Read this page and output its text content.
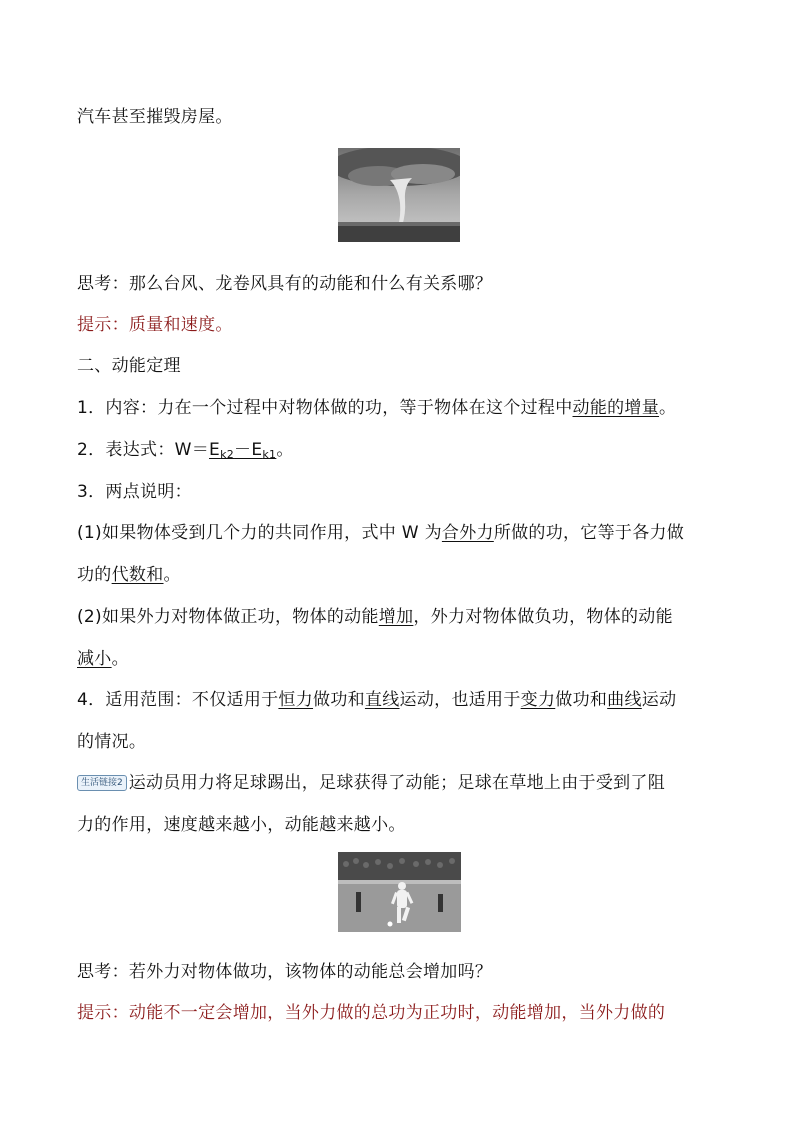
汽车甚至摧毁房屋。
思考：那么台风、龙卷风具有的动能和什么有关系哪？
提示：质量和速度。
二、动能定理
1．内容：力在一个过程中对物体做的功，等于物体在这个过程中动能的增量。
2．表达式：$W=E_{k2}-E_{k1}$。
3．两点说明：
(1)如果物体受到几个力的共同作用，式中 W 为合外力所做的功，它等于各力做
功的代数和。
(2)如果外力对物体做正功，物体的动能增加，外力对物体做负功，物体的动能
减小。
4．适用范围：不仅适用于恒力做功和直线运动，也适用于变力做功和曲线运动
的情况。
生活链接2 运动员用力将足球踢出，足球获得了动能；足球在草地上由于受到了阻
力的作用，速度越来越小，动能越来越小。
思考：若外力对物体做功，该物体的动能总会增加吗？
提示：动能不一定会增加，当外力做的总功为正功时，动能增加，当外力做的
